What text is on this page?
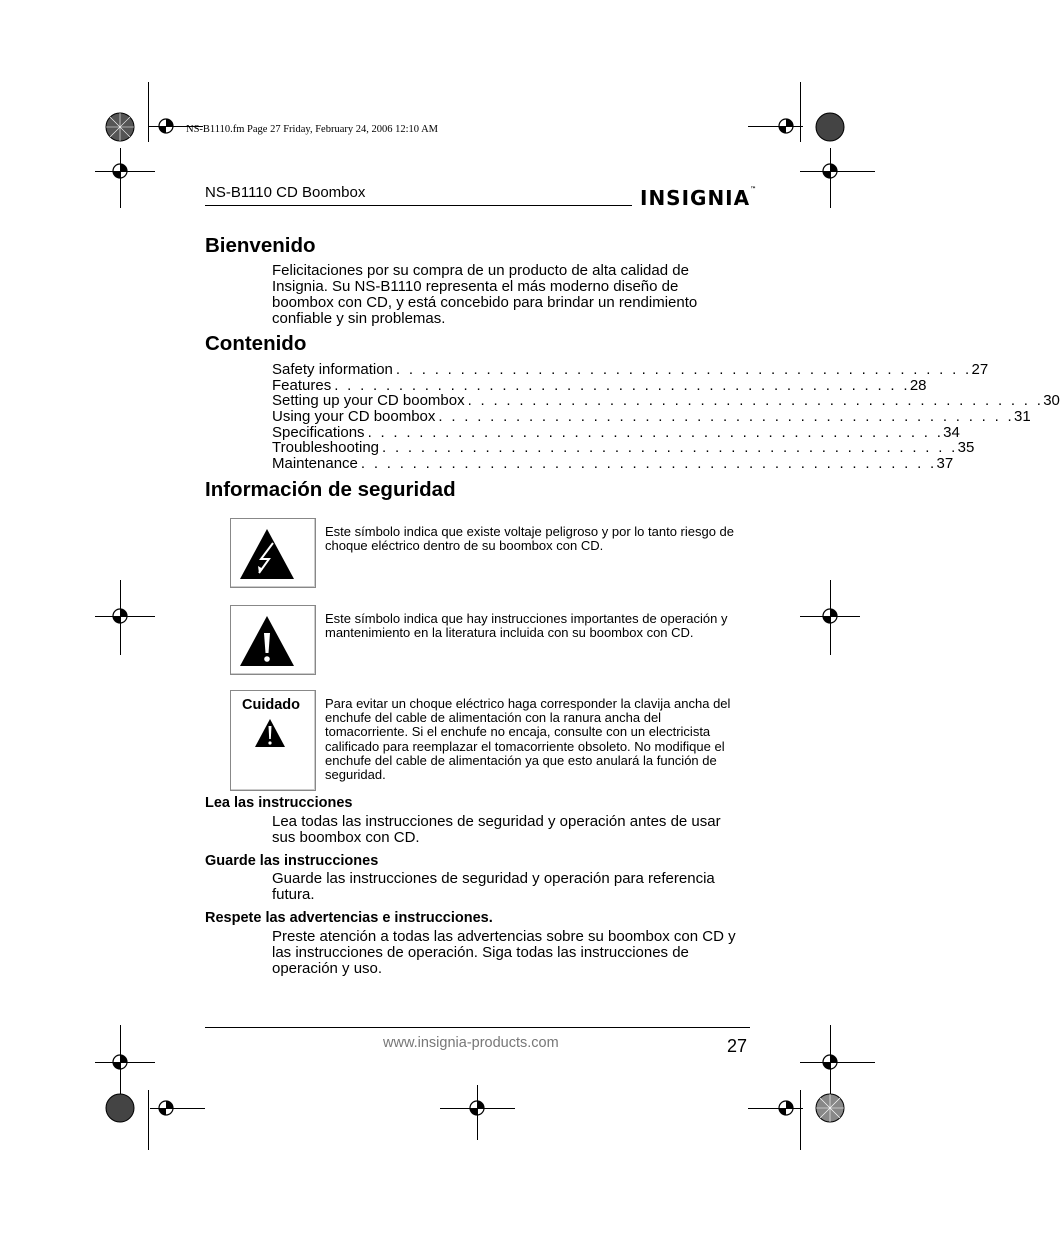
NS-B1110.fm Page 27 Friday, February 24, 2006 12:10 AM
NS-B1110 CD Boombox	INSIGNIA™
Bienvenido
Felicitaciones por su compra de un producto de alta calidad de Insignia. Su NS-B1110 representa el más moderno diseño de boombox con CD, y está concebido para brindar un rendimiento confiable y sin problemas.
Contenido
Safety information . . . . . . . . . . . . . . . . . . . . . . . . . . . . . . . . . . . . . . . . . . . . . 27
Features . . . . . . . . . . . . . . . . . . . . . . . . . . . . . . . . . . . . . . . . . . . . . 28
Setting up your CD boombox . . . . . . . . . . . . . . . . . . . . . . . . . . . . . . . . . . . . . . . . . . . . . 30
Using your CD boombox . . . . . . . . . . . . . . . . . . . . . . . . . . . . . . . . . . . . . . . . . . . . . 31
Specifications . . . . . . . . . . . . . . . . . . . . . . . . . . . . . . . . . . . . . . . . . . . . . 34
Troubleshooting . . . . . . . . . . . . . . . . . . . . . . . . . . . . . . . . . . . . . . . . . . . . . 35
Maintenance . . . . . . . . . . . . . . . . . . . . . . . . . . . . . . . . . . . . . . . . . . . . . 37
Información de seguridad
Este símbolo indica que existe voltaje peligroso y por lo tanto riesgo de choque eléctrico dentro de su boombox con CD.
Este símbolo indica que hay instrucciones importantes de operación y mantenimiento en la literatura incluida con su boombox con CD.
Cuidado Para evitar un choque eléctrico haga corresponder la clavija ancha del enchufe del cable de alimentación con la ranura ancha del tomacorriente. Si el enchufe no encaja, consulte con un electricista calificado para reemplazar el tomacorriente obsoleto. No modifique el enchufe del cable de alimentación ya que esto anulará la función de seguridad.
Lea las instrucciones
Lea todas las instrucciones de seguridad y operación antes de usar sus boombox con CD.
Guarde las instrucciones
Guarde las instrucciones de seguridad y operación para referencia futura.
Respete las advertencias e instrucciones.
Preste atención a todas las advertencias sobre su boombox con CD y las instrucciones de operación. Siga todas las instrucciones de operación y uso.
www.insignia-products.com	27
